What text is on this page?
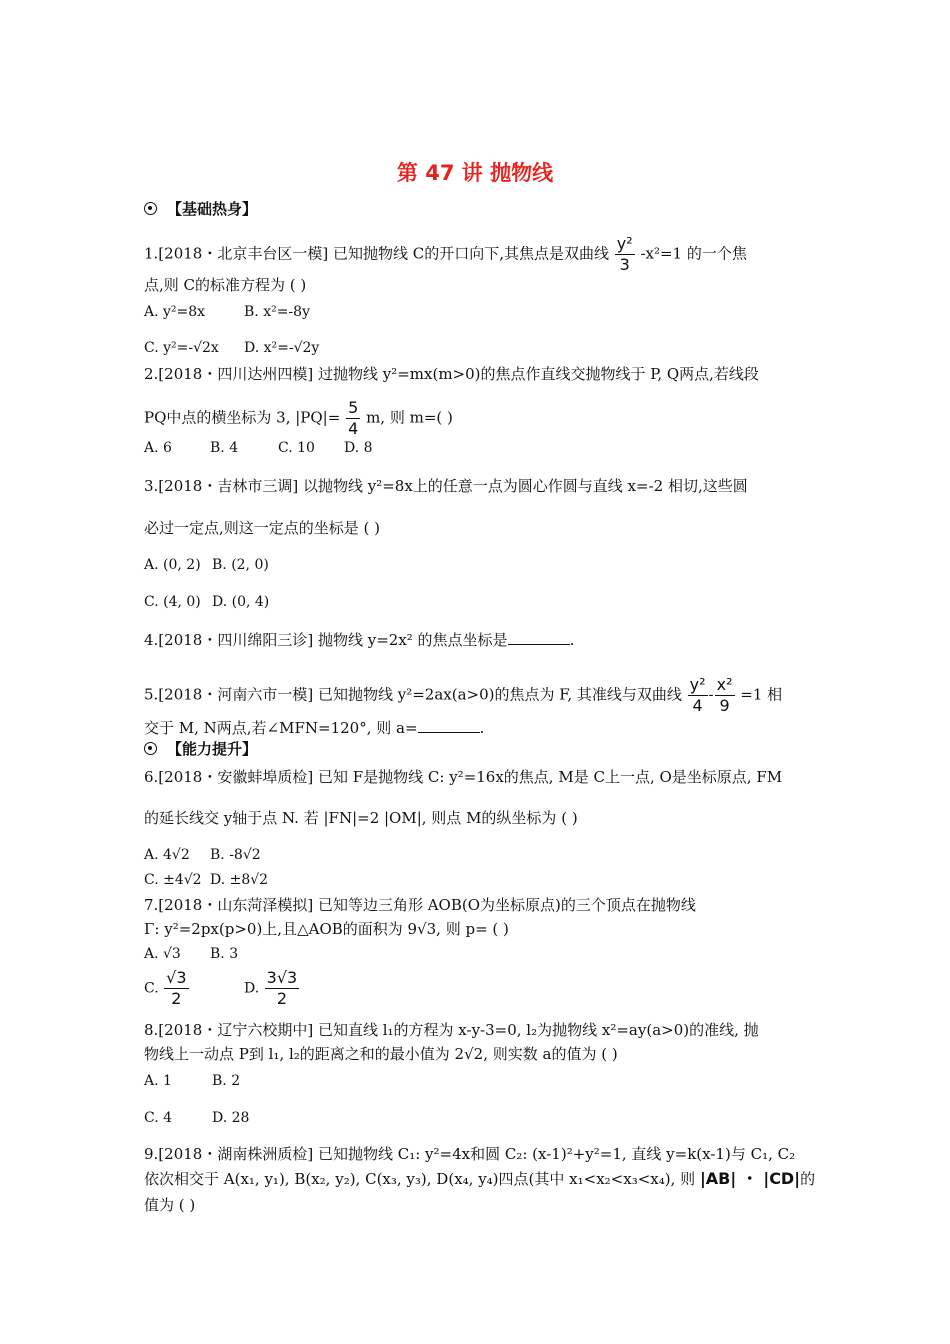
第 47 讲 抛物线
【基础热身】
1.[2018・北京丰台区一模] 已知抛物线 C的开口向下,其焦点是双曲线 $\frac{\text{y²}}{3} -x^2=1$ 的一个焦
点,则 C的标准方程为 ( )
A. y²=8x	B. x²=-8y
C. y²=-√2x D. x²=-√2y
2.[2018・四川达州四模] 过抛物线 y²=mx(m>0)的焦点作直线交抛物线于 P, Q两点,若线段
PQ中点的横坐标为 3, $|PQ|= \frac{5}{4} m$, 则 m=( )
A. 6	B. 4	C. 10 D. 8
3.[2018・吉林市三调] 以抛物线 y²=8x上的任意一点为圆心作圆与直线 x=-2 相切,这些圆
必过一定点,则这一定点的坐标是 ( )
A. (0, 2) B. (2, 0)
C. (4, 0) D. (0, 4)
4.[2018・四川绵阳三诊] 抛物线 y=2x² 的焦点坐标是	.
5.[2018・河南六市一模] 已知抛物线 y²=2ax(a>0)的焦点为 F, 其准线与双曲线 $\frac{\text{y²}}{4} - \frac{\text{x²}}{9} =1$ 相
交于 M, N两点,若∠MFN=120°, 则 a=	.
【能力提升】
6.[2018・安徽蚌埠质检] 已知 F是抛物线 C: y²=16x的焦点, M是 C上一点, O是坐标原点, FM
的延长线交 y轴于点 N. 若 |FN|=2 |OM|, 则点 M的纵坐标为 ( )
A. 4√2 B. -8√2
C. ±4√2 D. ±8√2
7.[2018・山东菏泽模拟] 已知等边三角形 AOB(O为坐标原点)的三个顶点在抛物线
Γ: y²=2px(p>0)上,且△AOB的面积为 9√3, 则 p= ( )
A. √3 B. 3
C. $\frac{√3}{2}$	D. $\frac{3√3}{2}$
8.[2018・辽宁六校期中] 已知直线 l₁的方程为 x-y-3=0, l₂为抛物线 x²=ay(a>0)的准线, 抛
物线上一动点 P到 l₁, l₂的距离之和的最小值为 2√2, 则实数 a的值为 ( )
A. 1	B. 2
C. 4	D. 28
9.[2018・湖南株洲质检] 已知抛物线 C₁: y²=4x和圆 C₂: (x-1)²+y²=1, 直线 y=k(x-1)与 C₁, C₂
依次相交于 A(x₁, y₁), B(x₂, y₂), C(x₃, y₃), D(x₄, y₄)四点(其中 x₁<x₂<x₃<x₄), 则 |AB| ・ |CD|的
值为 ( )
